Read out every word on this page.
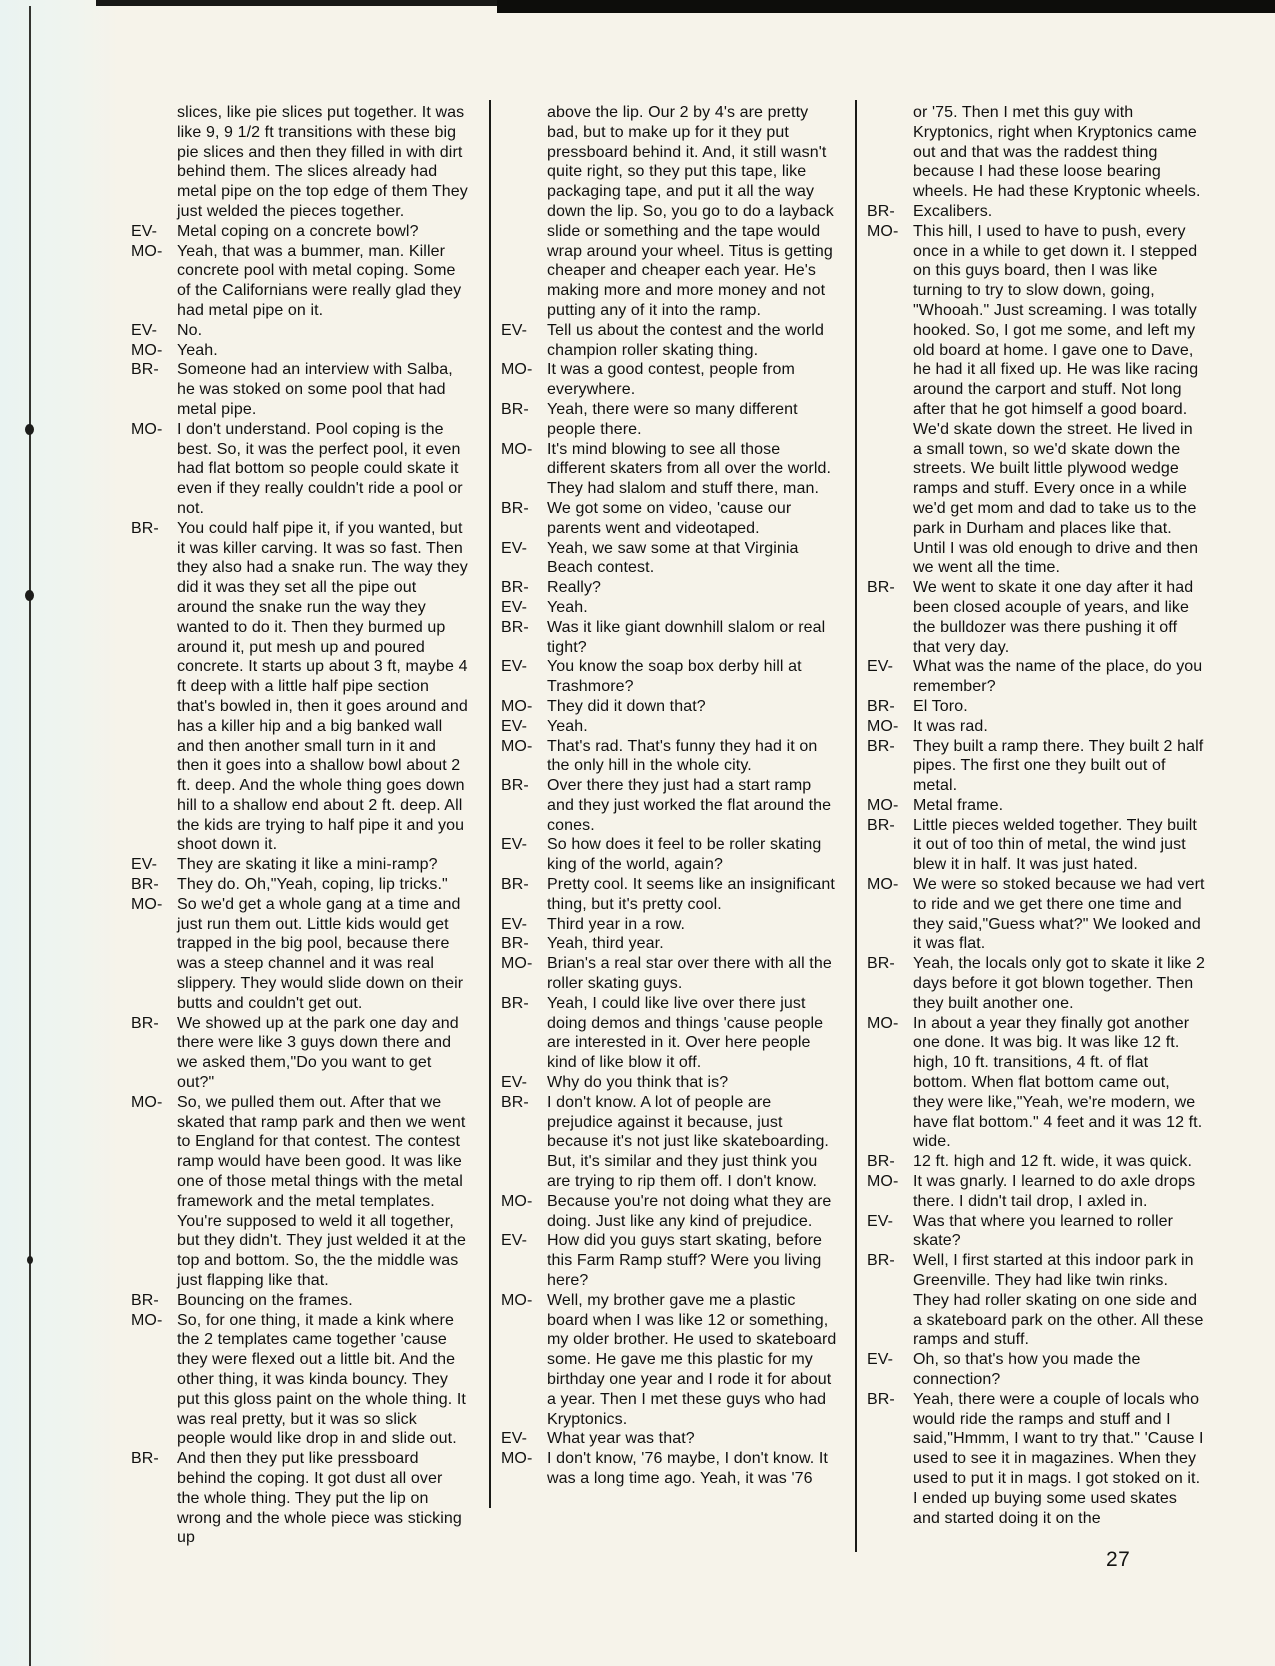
slices, like pie slices put together. It was like 9, 9 1/2 ft transitions with these big pie slices and then they filled in with dirt behind them. The slices already had metal pipe on the top edge of them They just welded the pieces together.
EV-	Metal coping on a concrete bowl?
MO- Yeah, that was a bummer, man. Killer concrete pool with metal coping. Some of the Californians were really glad they had metal pipe on it.
EV-	No.
MO- Yeah.
BR-	Someone had an interview with Salba, he was stoked on some pool that had metal pipe.
MO- I don't understand. Pool coping is the best. So, it was the perfect pool, it even had flat bottom so people could skate it even if they really couldn't ride a pool or not.
BR-	You could half pipe it, if you wanted, but it was killer carving. It was so fast. Then they also had a snake run. The way they did it was they set all the pipe out around the snake run the way they wanted to do it. Then they burmed up around it, put mesh up and poured concrete. It starts up about 3 ft, maybe 4 ft deep with a little half pipe section that's bowled in, then it goes around and has a killer hip and a big banked wall and then another small turn in it and then it goes into a shallow bowl about 2 ft. deep. And the whole thing goes down hill to a shallow end about 2 ft. deep. All the kids are trying to half pipe it and you shoot down it.
EV-	They are skating it like a mini-ramp?
BR-	They do. Oh,"Yeah, coping, lip tricks."
MO- So we'd get a whole gang at a time and just run them out. Little kids would get trapped in the big pool, because there was a steep channel and it was real slippery. They would slide down on their butts and couldn't get out.
BR-	We showed up at the park one day and there were like 3 guys down there and we asked them,"Do you want to get out?"
MO- So, we pulled them out. After that we skated that ramp park and then we went to England for that contest. The contest ramp would have been good. It was like one of those metal things with the metal framework and the metal templates. You're supposed to weld it all together, but they didn't. They just welded it at the top and bottom. So, the the middle was just flapping like that.
BR-	Bouncing on the frames.
MO- So, for one thing, it made a kink where the 2 templates came together 'cause they were flexed out a little bit. And the other thing, it was kinda bouncy. They put this gloss paint on the whole thing. It was real pretty, but it was so slick people would like drop in and slide out.
BR-	And then they put like pressboard behind the coping. It got dust all over the whole thing. They put the lip on wrong and the whole piece was sticking up
above the lip. Our 2 by 4's are pretty bad, but to make up for it they put pressboard behind it. And, it still wasn't quite right, so they put this tape, like packaging tape, and put it all the way down the lip. So, you go to do a layback slide or something and the tape would wrap around your wheel. Titus is getting cheaper and cheaper each year. He's making more and more money and not putting any of it into the ramp.
EV-	Tell us about the contest and the world champion roller skating thing.
MO- It was a good contest, people from everywhere.
BR-	Yeah, there were so many different people there.
MO- It's mind blowing to see all those different skaters from all over the world. They had slalom and stuff there, man.
BR-	We got some on video, 'cause our parents went and videotaped.
EV-	Yeah, we saw some at that Virginia Beach contest.
BR-	Really?
EV-	Yeah.
BR-	Was it like giant downhill slalom or real tight?
EV-	You know the soap box derby hill at Trashmore?
MO- They did it down that?
EV-	Yeah.
MO- That's rad. That's funny they had it on the only hill in the whole city.
BR-	Over there they just had a start ramp and they just worked the flat around the cones.
EV-	So how does it feel to be roller skating king of the world, again?
BR-	Pretty cool. It seems like an insignificant thing, but it's pretty cool.
EV-	Third year in a row.
BR-	Yeah, third year.
MO- Brian's a real star over there with all the roller skating guys.
BR-	Yeah, I could like live over there just doing demos and things 'cause people are interested in it. Over here people kind of like blow it off.
EV-	Why do you think that is?
BR-	I don't know. A lot of people are prejudice against it because, just because it's not just like skateboarding. But, it's similar and they just think you are trying to rip them off. I don't know.
MO- Because you're not doing what they are doing. Just like any kind of prejudice.
EV-	How did you guys start skating, before this Farm Ramp stuff? Were you living here?
MO- Well, my brother gave me a plastic board when I was like 12 or something, my older brother. He used to skateboard some. He gave me this plastic for my birthday one year and I rode it for about a year. Then I met these guys who had Kryptonics.
EV-	What year was that?
MO- I don't know, '76 maybe, I don't know. It was a long time ago. Yeah, it was '76
or '75. Then I met this guy with Kryptonics, right when Kryptonics came out and that was the raddest thing because I had these loose bearing wheels. He had these Kryptonic wheels.
BR-	Excalibers.
MO- This hill, I used to have to push, every once in a while to get down it. I stepped on this guys board, then I was like turning to try to slow down, going, "Whooah." Just screaming. I was totally hooked. So, I got me some, and left my old board at home. I gave one to Dave, he had it all fixed up. He was like racing around the carport and stuff. Not long after that he got himself a good board. We'd skate down the street. He lived in a small town, so we'd skate down the streets. We built little plywood wedge ramps and stuff. Every once in a while we'd get mom and dad to take us to the park in Durham and places like that. Until I was old enough to drive and then we went all the time.
BR-	We went to skate it one day after it had been closed acouple of years, and like the bulldozer was there pushing it off that very day.
EV-	What was the name of the place, do you remember?
BR-	El Toro.
MO- It was rad.
BR-	They built a ramp there. They built 2 half pipes. The first one they built out of metal.
MO- Metal frame.
BR-	Little pieces welded together. They built it out of too thin of metal, the wind just blew it in half. It was just hated.
MO- We were so stoked because we had vert to ride and we get there one time and they said,"Guess what?" We looked and it was flat.
BR-	Yeah, the locals only got to skate it like 2 days before it got blown together. Then they built another one.
MO- In about a year they finally got another one done. It was big. It was like 12 ft. high, 10 ft. transitions, 4 ft. of flat bottom. When flat bottom came out, they were like,"Yeah, we're modern, we have flat bottom." 4 feet and it was 12 ft. wide.
BR-	12 ft. high and 12 ft. wide, it was quick.
MO- It was gnarly. I learned to do axle drops there. I didn't tail drop, I axled in.
EV-	Was that where you learned to roller skate?
BR-	Well, I first started at this indoor park in Greenville. They had like twin rinks. They had roller skating on one side and a skateboard park on the other. All these ramps and stuff.
EV-	Oh, so that's how you made the connection?
BR-	Yeah, there were a couple of locals who would ride the ramps and stuff and I said,"Hmmm, I want to try that." 'Cause I used to see it in magazines. When they used to put it in mags. I got stoked on it. I ended up buying some used skates and started doing it on the
27
